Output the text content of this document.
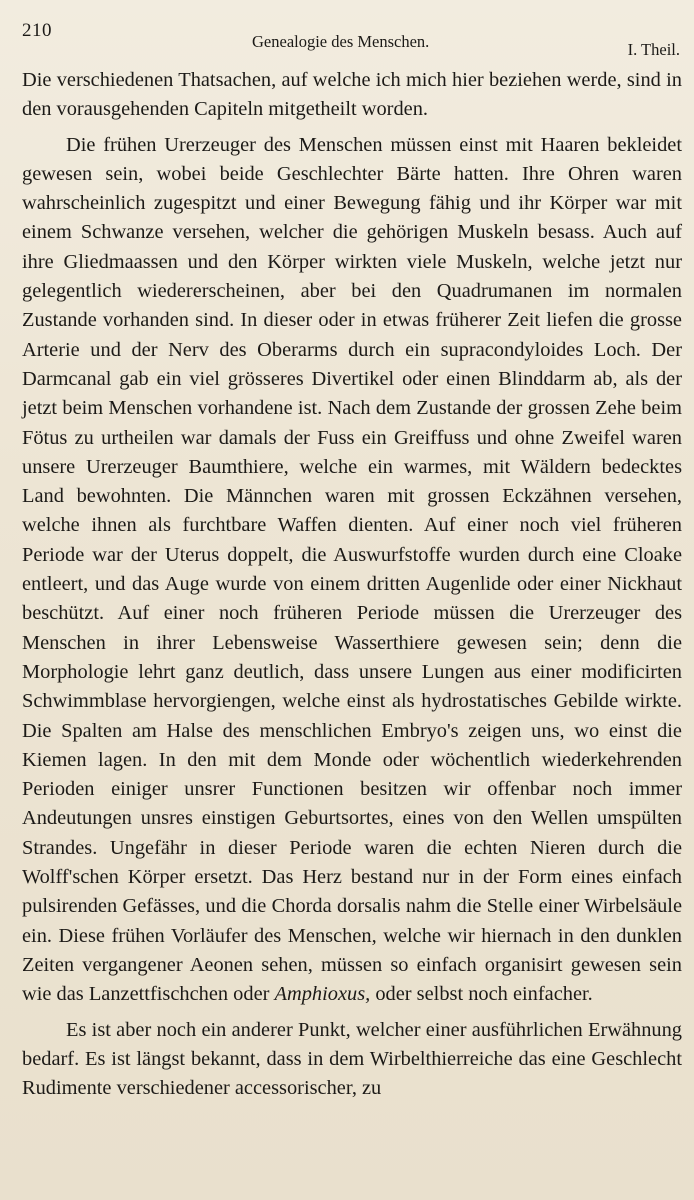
210
Genealogie des Menschen.	I. Theil.

Die verschiedenen Thatsachen, auf welche ich mich hier beziehen werde, sind in den vorausgehenden Capiteln mitgetheilt worden.

Die frühen Urerzeuger des Menschen müssen einst mit Haaren bekleidet gewesen sein, wobei beide Geschlechter Bärte hatten. Ihre Ohren waren wahrscheinlich zugespitzt und einer Bewegung fähig und ihr Körper war mit einem Schwanze versehen, welcher die gehörigen Muskeln besass. Auch auf ihre Gliedmaassen und den Körper wirkten viele Muskeln, welche jetzt nur gelegentlich wiedererscheinen, aber bei den Quadrumanen im normalen Zustande vorhanden sind. In dieser oder in etwas früherer Zeit liefen die grosse Arterie und der Nerv des Oberarms durch ein supracondyloides Loch. Der Darmcanal gab ein viel grösseres Divertikel oder einen Blinddarm ab, als der jetzt beim Menschen vorhandene ist. Nach dem Zustande der grossen Zehe beim Fötus zu urtheilen war damals der Fuss ein Greiffuss und ohne Zweifel waren unsere Urerzeuger Baumthiere, welche ein warmes, mit Wäldern bedecktes Land bewohnten. Die Männchen waren mit grossen Eckzähnen versehen, welche ihnen als furchtbare Waffen dienten. Auf einer noch viel früheren Periode war der Uterus doppelt, die Auswurfstoffe wurden durch eine Cloake entleert, und das Auge wurde von einem dritten Augenlide oder einer Nickhaut beschützt. Auf einer noch früheren Periode müssen die Urerzeuger des Menschen in ihrer Lebensweise Wasserthiere gewesen sein; denn die Morphologie lehrt ganz deutlich, dass unsere Lungen aus einer modificirten Schwimmblase hervorgiengen, welche einst als hydrostatisches Gebilde wirkte. Die Spalten am Halse des menschlichen Embryo's zeigen uns, wo einst die Kiemen lagen. In den mit dem Monde oder wöchentlich wiederkehrenden Perioden einiger unsrer Functionen besitzen wir offenbar noch immer Andeutungen unsres einstigen Geburtsortes, eines von den Wellen umspülten Strandes. Ungefähr in dieser Periode waren die echten Nieren durch die Wolff'schen Körper ersetzt. Das Herz bestand nur in der Form eines einfach pulsirenden Gefässes, und die Chorda dorsalis nahm die Stelle einer Wirbelsäule ein. Diese frühen Vorläufer des Menschen, welche wir hiernach in den dunklen Zeiten vergangener Aeonen sehen, müssen so einfach organisirt gewesen sein wie das Lanzettfischchen oder Amphioxus, oder selbst noch einfacher.

Es ist aber noch ein anderer Punkt, welcher einer ausführlichen Erwähnung bedarf. Es ist längst bekannt, dass in dem Wirbelthierreiche das eine Geschlecht Rudimente verschiedener accessorischer, zu
